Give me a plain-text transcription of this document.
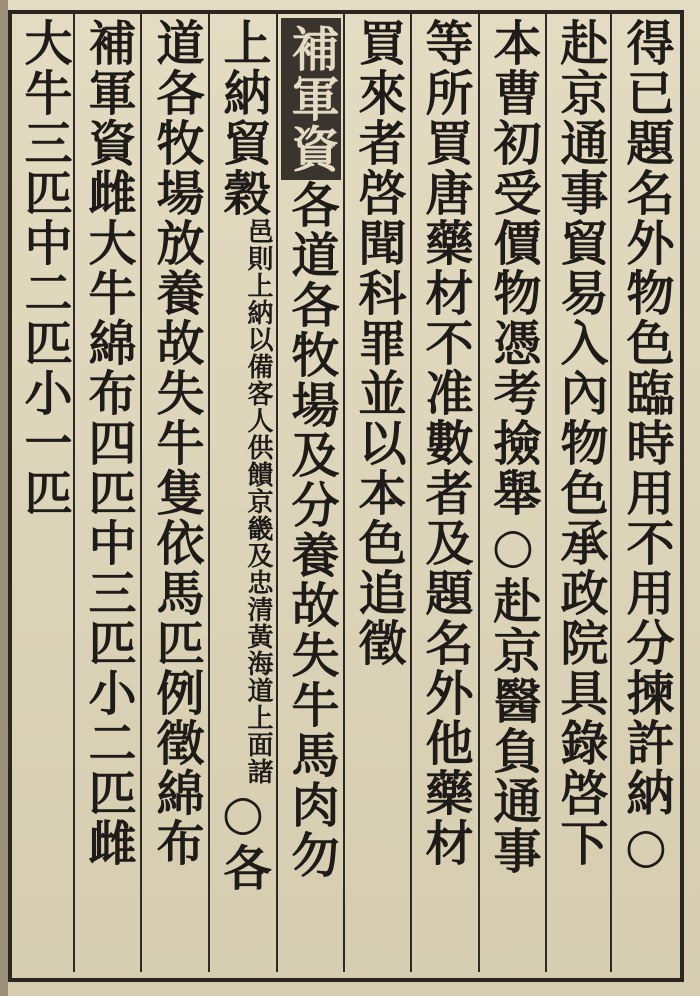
得已題名外物色臨時用不用分揀許納○
赴京通事貿易入內物色承政院具錄啓下
本曹初受價物憑考撿舉○赴京醫負通事
等所買唐藥材不准數者及題名外他藥材
買來者啓聞科罪並以本色追徵
補軍資各道各牧場及分養故失牛馬肉勿
上納貿穀
京畿及忠清黃海道上面諸
邑則上納以備客人供饋
○各
道各牧場放養故失牛隻依馬匹例徵綿布
補軍資雌大牛綿布四匹中三匹小二匹雌
大牛三匹中二匹小一匹
